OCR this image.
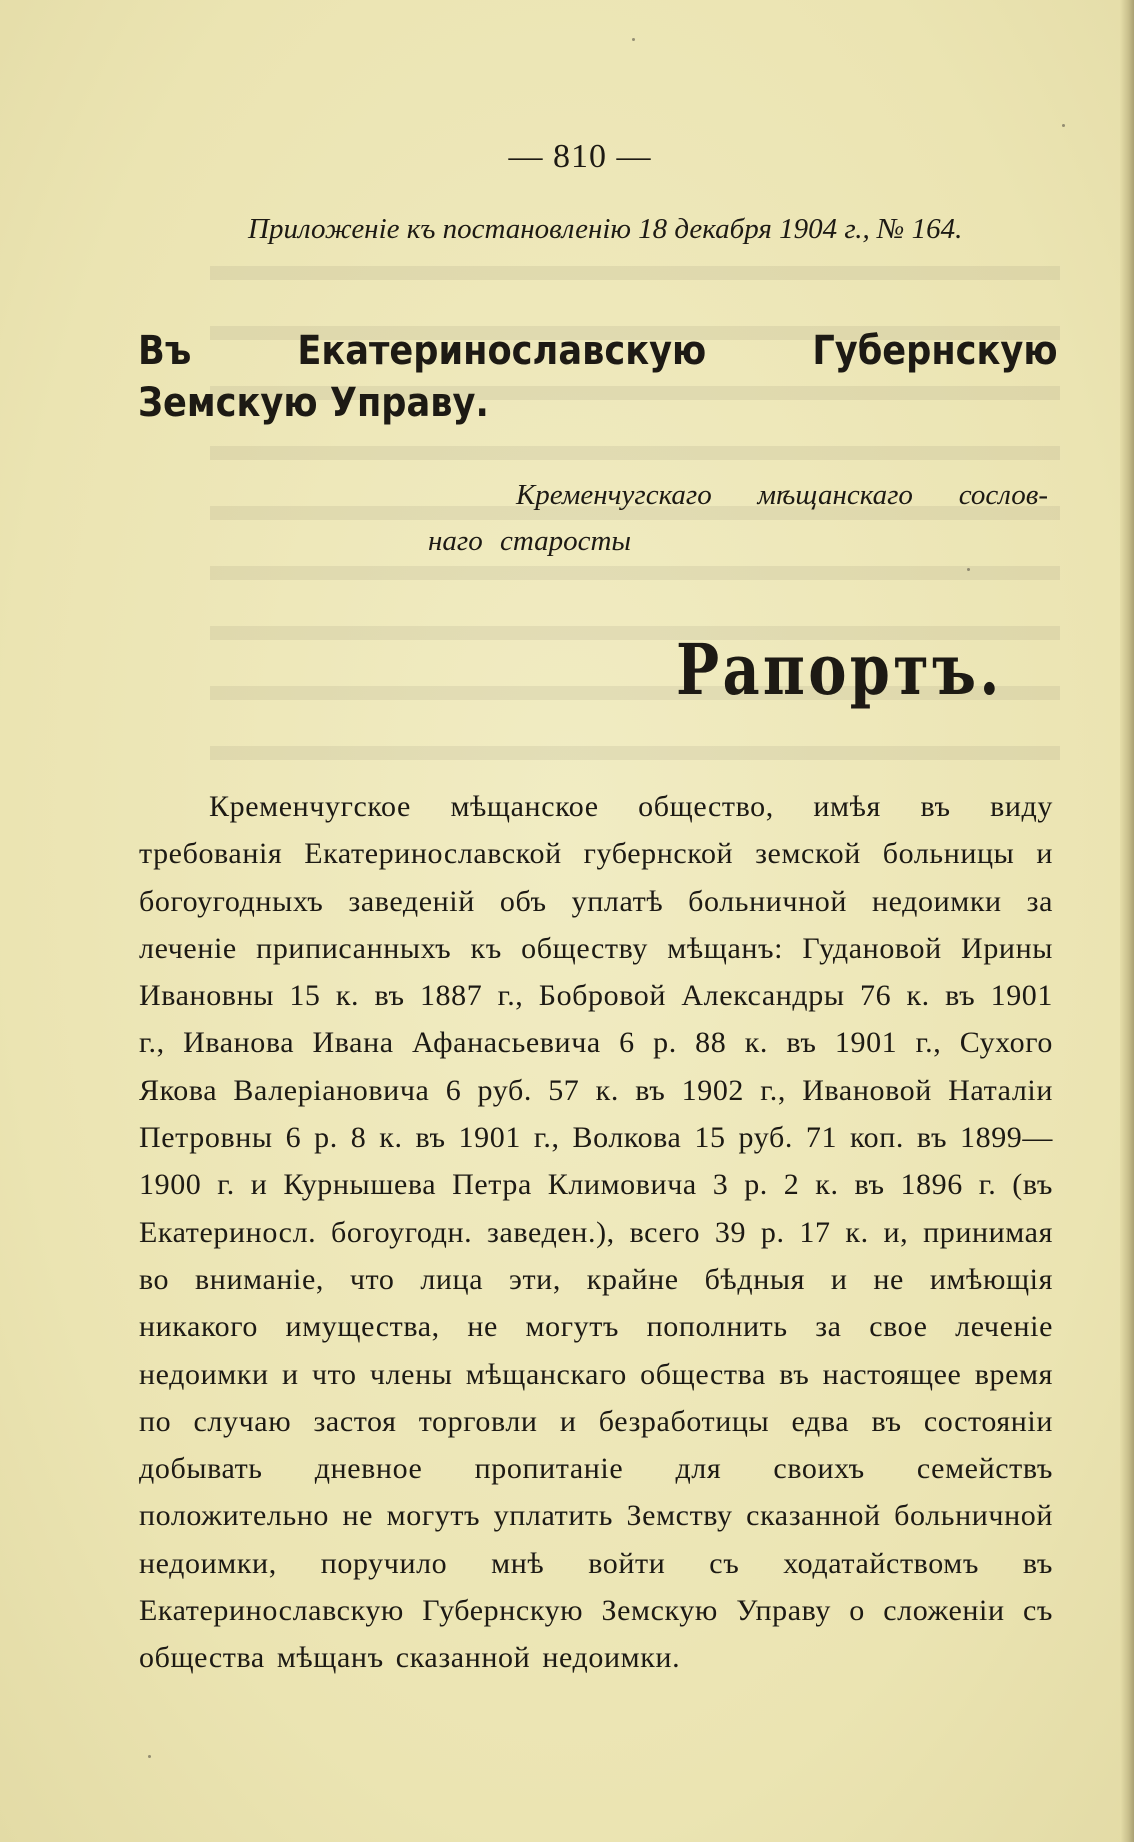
— 810 —
Приложеніе къ постановленію 18 декабря 1904 г., № 164.
Въ Екатеринославскую Губернскую Земскую Управу.
Кременчугскаго мѣщанскаго сослов-
наго старосты
Рапортъ.
Кременчугское мѣщанское общество, имѣя въ виду требованія Екатеринославской губернской земской больницы и богоугодныхъ заведеній объ уплатѣ больничной недоимки за леченіе приписанныхъ къ обществу мѣщанъ: Гудановой Ирины Ивановны 15 к. въ 1887 г., Бобровой Александры 76 к. въ 1901 г., Иванова Ивана Афанасьевича 6 р. 88 к. въ 1901 г., Сухого Якова Валеріановича 6 руб. 57 к. въ 1902 г., Ивановой Наталіи Петровны 6 р. 8 к. въ 1901 г., Волкова 15 руб. 71 коп. въ 1899—1900 г. и Курнышева Петра Климовича 3 р. 2 к. въ 1896 г. (въ Екатериносл. богоугодн. заведен.), всего 39 р. 17 к. и, принимая во вниманіе, что лица эти, крайне бѣдныя и не имѣющія никакого имущества, не могутъ пополнить за свое леченіе недоимки и что члены мѣщанскаго общества въ настоящее время по случаю застоя торговли и безработицы едва въ состояніи добывать дневное пропитаніе для своихъ семействъ положительно не могутъ уплатить Земству сказанной больничной недоимки, поручило мнѣ войти съ ходатайствомъ въ Екатеринославскую Губернскую Земскую Управу о сложеніи съ общества мѣщанъ сказанной недоимки.
